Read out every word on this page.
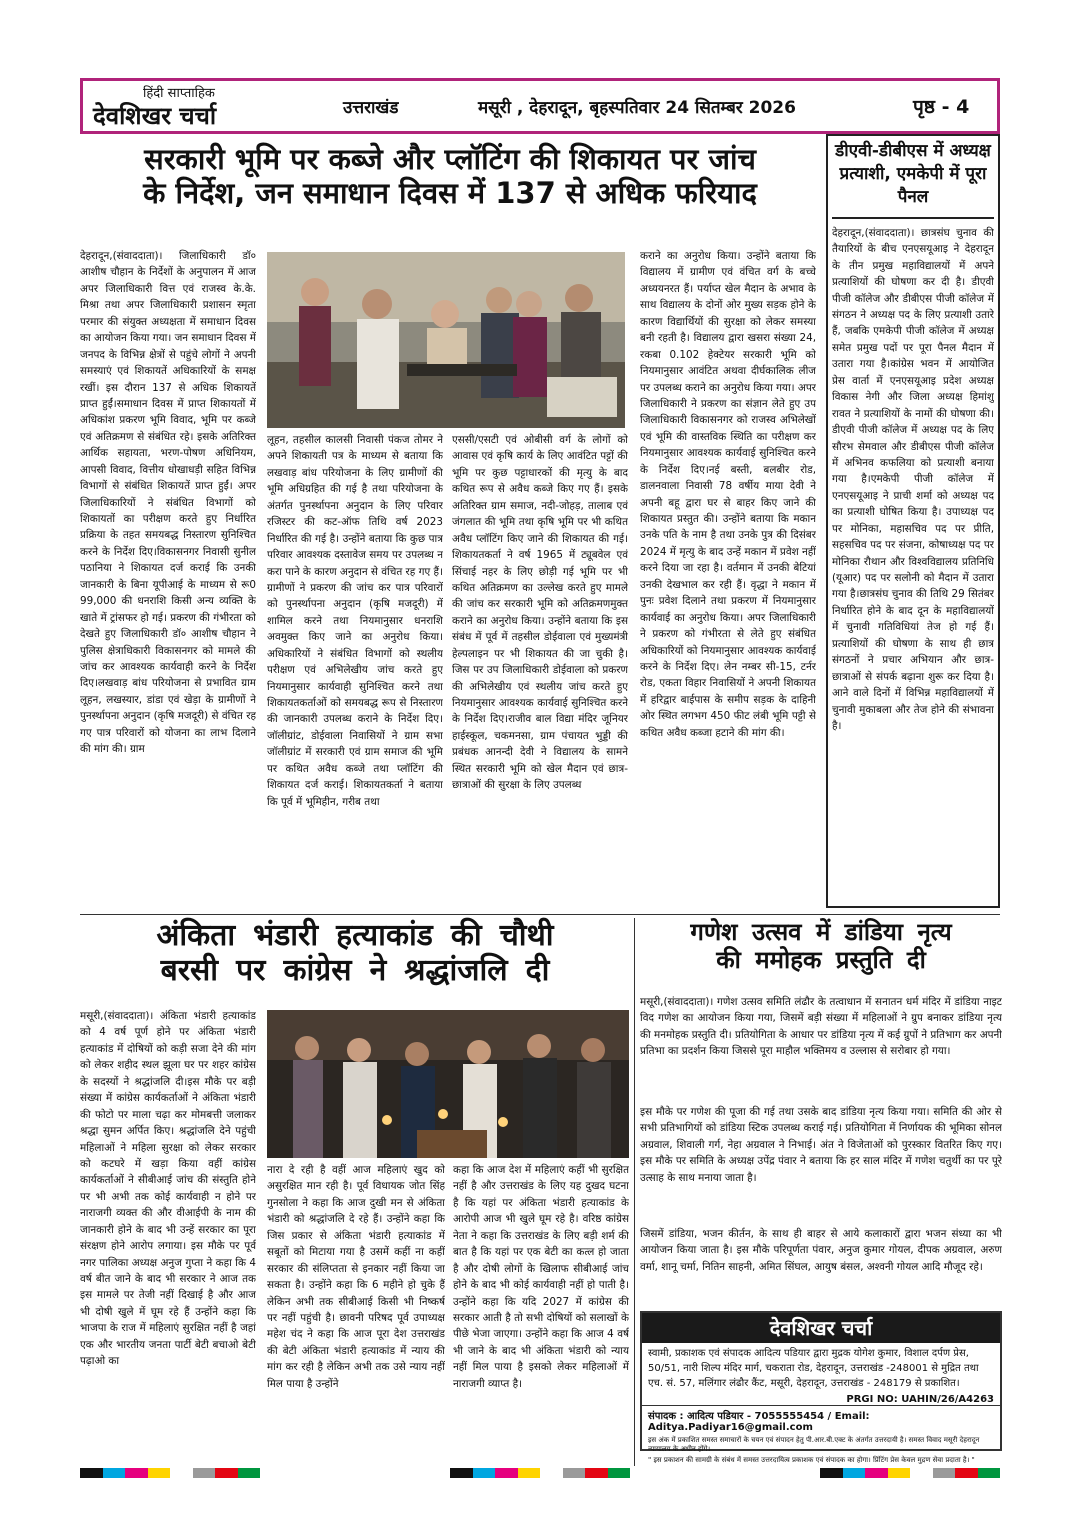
हिंदी साप्ताहिक
देवशिखर चर्चा	उत्तराखंड	मसूरी , देहरादून, बृहस्पतिवार 24 सितम्बर 2026	पृष्ठ - 4
सरकारी भूमि पर कब्जे और प्लॉटिंग की शिकायत पर जांच
के निर्देश, जन समाधान दिवस में 137 से अधिक फरियाद
देहरादून,(संवाददाता)। जिलाधिकारी डॉ० आशीष चौहान के निर्देशों के अनुपालन में आज अपर जिलाधिकारी वित्त एवं राजस्व के.के. मिश्रा तथा अपर जिलाधिकारी प्रशासन स्मृता परमार की संयुक्त अध्यक्षता में समाधान दिवस का आयोजन किया गया। जन समाधान दिवस में जनपद के विभिन्न क्षेत्रों से पहुंचे लोगों ने अपनी समस्याएं एवं शिकायतें अधिकारियों के समक्ष रखीं। इस दौरान 137 से अधिक शिकायतें प्राप्त हुईं।समाधान दिवस में प्राप्त शिकायतों में अधिकांश प्रकरण भूमि विवाद, भूमि पर कब्जे एवं अतिक्रमण से संबंधित रहे। इसके अतिरिक्त आर्थिक सहायता, भरण-पोषण अधिनियम, आपसी विवाद, वित्तीय धोखाधड़ी सहित विभिन्न विभागों से संबंधित शिकायतें प्राप्त हुईं। अपर जिलाधिकारियों ने संबंधित विभागों को शिकायतों का परीक्षण करते हुए निर्धारित प्रक्रिया के तहत समयबद्ध निस्तारण सुनिश्चित करने के निर्देश दिए।विकासनगर निवासी सुनील पठानिया ने शिकायत दर्ज कराई कि उनकी जानकारी के बिना यूपीआई के माध्यम से रू0 99,000 की धनराशि किसी अन्य व्यक्ति के खाते में ट्रांसफर हो गई। प्रकरण की गंभीरता को देखते हुए जिलाधिकारी डॉ० आशीष चौहान ने पुलिस क्षेत्राधिकारी विकासनगर को मामले की जांच कर आवश्यक कार्यवाही करने के निर्देश दिए।लखवाड़ बांध परियोजना से प्रभावित ग्राम लूहन, लखस्यार, डांडा एवं खेड़ा के ग्रामीणों ने पुनर्स्थापना अनुदान (कृषि मजदूरी) से वंचित रह गए पात्र परिवारों को योजना का लाभ दिलाने की मांग की। ग्राम
लूहन, तहसील कालसी निवासी पंकज तोमर ने अपने शिकायती पत्र के माध्यम से बताया कि लखवाड़ बांध परियोजना के लिए ग्रामीणों की भूमि अधिग्रहित की गई है तथा परियोजना के अंतर्गत पुनर्स्थापना अनुदान के लिए परिवार रजिस्टर की कट-ऑफ तिथि वर्ष 2023 निर्धारित की गई है। उन्होंने बताया कि कुछ पात्र परिवार आवश्यक दस्तावेज समय पर उपलब्ध न करा पाने के कारण अनुदान से वंचित रह गए हैं। ग्रामीणों ने प्रकरण की जांच कर पात्र परिवारों को पुनर्स्थापना अनुदान (कृषि मजदूरी) में शामिल करने तथा नियमानुसार धनराशि अवमुक्त किए जाने का अनुरोध किया। अधिकारियों ने संबंधित विभागों को स्थलीय परीक्षण एवं अभिलेखीय जांच करते हुए नियमानुसार कार्यवाही सुनिश्चित करने तथा शिकायतकर्ताओं को समयबद्ध रूप से निस्तारण की जानकारी उपलब्ध कराने के निर्देश दिए।जॉलीग्रांट, डोईवाला निवासियों ने ग्राम सभा जॉलीग्रांट में सरकारी एवं ग्राम समाज की भूमि पर कथित अवैध कब्जे तथा प्लॉटिंग की शिकायत दर्ज कराई। शिकायतकर्ता ने बताया कि पूर्व में भूमिहीन, गरीब तथा
एससी/एसटी एवं ओबीसी वर्ग के लोगों को आवास एवं कृषि कार्य के लिए आवंटित पट्टों की भूमि पर कुछ पट्टाधारकों की मृत्यु के बाद कथित रूप से अवैध कब्जे किए गए हैं। इसके अतिरिक्त ग्राम समाज, नदी-जोहड़, तालाब एवं जंगलात की भूमि तथा कृषि भूमि पर भी कथित अवैध प्लॉटिंग किए जाने की शिकायत की गई। शिकायतकर्ता ने वर्ष 1965 में ट्यूबवेल एवं सिंचाई नहर के लिए छोड़ी गई भूमि पर भी कथित अतिक्रमण का उल्लेख करते हुए मामले की जांच कर सरकारी भूमि को अतिक्रमणमुक्त कराने का अनुरोध किया। उन्होंने बताया कि इस संबंध में पूर्व में तहसील डोईवाला एवं मुख्यमंत्री हेल्पलाइन पर भी शिकायत की जा चुकी है। जिस पर उप जिलाधिकारी डोईवाला को प्रकरण की अभिलेखीय एवं स्थलीय जांच करते हुए नियमानुसार आवश्यक कार्यवाई सुनिश्चित करने के निर्देश दिए।राजीव बाल विद्या मंदिर जूनियर हाईस्कूल, चकमनसा, ग्राम पंचायत भुड्डी की प्रबंधक आनन्दी देवी ने विद्यालय के सामने स्थित सरकारी भूमि को खेल मैदान एवं छात्र-छात्राओं की सुरक्षा के लिए उपलब्ध
कराने का अनुरोध किया। उन्होंने बताया कि विद्यालय में ग्रामीण एवं वंचित वर्ग के बच्चे अध्ययनरत हैं। पर्याप्त खेल मैदान के अभाव के साथ विद्यालय के दोनों ओर मुख्य सड़क होने के कारण विद्यार्थियों की सुरक्षा को लेकर समस्या बनी रहती है। विद्यालय द्वारा खसरा संख्या 24, रकबा 0.102 हेक्टेयर सरकारी भूमि को नियमानुसार आवंटित अथवा दीर्घकालिक लीज पर उपलब्ध कराने का अनुरोध किया गया। अपर जिलाधिकारी ने प्रकरण का संज्ञान लेते हुए उप जिलाधिकारी विकासनगर को राजस्व अभिलेखों एवं भूमि की वास्तविक स्थिति का परीक्षण कर नियमानुसार आवश्यक कार्यवाई सुनिश्चित करने के निर्देश दिए।नई बस्ती, बलबीर रोड, डालनवाला निवासी 78 वर्षीय माया देवी ने अपनी बहू द्वारा घर से बाहर किए जाने की शिकायत प्रस्तुत की। उन्होंने बताया कि मकान उनके पति के नाम है तथा उनके पुत्र की दिसंबर 2024 में मृत्यु के बाद उन्हें मकान में प्रवेश नहीं करने दिया जा रहा है। वर्तमान में उनकी बेटियां उनकी देखभाल कर रही हैं। वृद्धा ने मकान में पुनः प्रवेश दिलाने तथा प्रकरण में नियमानुसार कार्यवाई का अनुरोध किया। अपर जिलाधिकारी ने प्रकरण को गंभीरता से लेते हुए संबंधित अधिकारियों को नियमानुसार आवश्यक कार्यवाई करने के निर्देश दिए। लेन नम्बर सी-15, टर्नर रोड, एकता विहार निवासियों ने अपनी शिकायत में हरिद्वार बाईपास के समीप सड़क के दाहिनी ओर स्थित लगभग 450 फीट लंबी भूमि पट्टी से कथित अवैध कब्जा हटाने की मांग की।
डीएवी-डीबीएस में अध्यक्ष प्रत्याशी, एमकेपी में पूरा पैनल
देहरादून,(संवाददाता)। छात्रसंघ चुनाव की तैयारियों के बीच एनएसयूआइ ने देहरादून के तीन प्रमुख महाविद्यालयों में अपने प्रत्याशियों की घोषणा कर दी है। डीएवी पीजी कॉलेज और डीबीएस पीजी कॉलेज में संगठन ने अध्यक्ष पद के लिए प्रत्याशी उतारे हैं, जबकि एमकेपी पीजी कॉलेज में अध्यक्ष समेत प्रमुख पदों पर पूरा पैनल मैदान में उतारा गया है।कांग्रेस भवन में आयोजित प्रेस वार्ता में एनएसयूआइ प्रदेश अध्यक्ष विकास नेगी और जिला अध्यक्ष हिमांशु रावत ने प्रत्याशियों के नामों की घोषणा की। डीएवी पीजी कॉलेज में अध्यक्ष पद के लिए सौरभ सेमवाल और डीबीएस पीजी कॉलेज में अभिनव कफलिया को प्रत्याशी बनाया गया है।एमकेपी पीजी कॉलेज में एनएसयूआइ ने प्राची शर्मा को अध्यक्ष पद का प्रत्याशी घोषित किया है। उपाध्यक्ष पद पर मोनिका, महासचिव पद पर प्रीति, सहसचिव पद पर संजना, कोषाध्यक्ष पद पर मोनिका रौथान और विश्वविद्यालय प्रतिनिधि (यूआर) पद पर सलोनी को मैदान में उतारा गया है।छात्रसंघ चुनाव की तिथि 29 सितंबर निर्धारित होने के बाद दून के महाविद्यालयों में चुनावी गतिविधियां तेज हो गई हैं। प्रत्याशियों की घोषणा के साथ ही छात्र संगठनों ने प्रचार अभियान और छात्र-छात्राओं से संपर्क बढ़ाना शुरू कर दिया है। आने वाले दिनों में विभिन्न महाविद्यालयों में चुनावी मुकाबला और तेज होने की संभावना है।
अंकिता भंडारी हत्याकांड की चौथी
बरसी पर कांग्रेस ने श्रद्धांजलि दी
मसूरी,(संवाददाता)। अंकिता भंडारी हत्याकांड को 4 वर्ष पूर्ण होने पर अंकिता भंडारी हत्याकांड में दोषियों को कड़ी सजा देने की मांग को लेकर शहीद स्थल झूला घर पर शहर कांग्रेस के सदस्यों ने श्रद्धांजलि दी।इस मौके पर बड़ी संख्या में कांग्रेस कार्यकर्ताओं ने अंकिता भंडारी की फोटो पर माला चढ़ा कर मोमबत्ती जलाकर श्रद्धा सुमन अर्पित किए। श्रद्धांजलि देने पहुंची महिलाओं ने महिला सुरक्षा को लेकर सरकार को कटघरे में खड़ा किया वहीं कांग्रेस कार्यकर्ताओं ने सीबीआई जांच की संस्तुति होने पर भी अभी तक कोई कार्यवाही न होने पर नाराजगी व्यक्त की और वीआईपी के नाम की जानकारी होने के बाद भी उन्हें सरकार का पूरा संरक्षण होने आरोप लगाया। इस मौके पर पूर्व नगर पालिका अध्यक्ष अनुज गुप्ता ने कहा कि 4 वर्ष बीत जाने के बाद भी सरकार ने आज तक इस मामले पर तेजी नहीं दिखाई है और आज भी दोषी खुले में घूम रहे हैं उन्होंने कहा कि भाजपा के राज में महिलाएं सुरक्षित नहीं है जहां एक और भारतीय जनता पार्टी बेटी बचाओ बेटी पढ़ाओ का
नारा दे रही है वहीं आज महिलाएं खुद को असुरक्षित मान रही है। पूर्व विधायक जोत सिंह गुनसोला ने कहा कि आज दुखी मन से अंकिता भंडारी को श्रद्धांजलि दे रहे हैं। उन्होंने कहा कि जिस प्रकार से अंकिता भंडारी हत्याकांड में सबूतों को मिटाया गया है उसमें कहीं ना कहीं सरकार की संलिप्तता से इनकार नहीं किया जा सकता है। उन्होंने कहा कि 6 महीने हो चुके हैं लेकिन अभी तक सीबीआई किसी भी निष्कर्ष पर नहीं पहुंची है। छावनी परिषद पूर्व उपाध्यक्ष महेश चंद ने कहा कि आज पूरा देश उत्तराखंड की बेटी अंकिता भंडारी हत्याकांड में न्याय की मांग कर रही है लेकिन अभी तक उसे न्याय नहीं मिल पाया है उन्होंने
कहा कि आज देश में महिलाएं कहीं भी सुरक्षित नहीं है और उत्तराखंड के लिए यह दुखद घटना है कि यहां पर अंकिता भंडारी हत्याकांड के आरोपी आज भी खुले घूम रहे है। वरिष्ठ कांग्रेस नेता ने कहा कि उत्तराखंड के लिए बड़ी शर्म की बात है कि यहां पर एक बेटी का कत्ल हो जाता है और दोषी लोगों के खिलाफ सीबीआई जांच होने के बाद भी कोई कार्यवाही नहीं हो पाती है। उन्होंने कहा कि यदि 2027 में कांग्रेस की सरकार आती है तो सभी दोषियों को सलाखों के पीछे भेजा जाएगा। उन्होंने कहा कि आज 4 वर्ष भी जाने के बाद भी अंकिता भंडारी को न्याय नहीं मिल पाया है इसको लेकर महिलाओं में नाराजगी व्याप्त है।
गणेश उत्सव में डांडिया नृत्य
की ममोहक प्रस्तुति दी
मसूरी,(संवाददाता)। गणेश उत्सव समिति लंढौर के तत्वाधान में सनातन धर्म मंदिर में डांडिया नाइट विद गणेश का आयोजन किया गया, जिसमें बड़ी संख्या में महिलाओं ने ग्रुप बनाकर डांडिया नृत्य की मनमोहक प्रस्तुति दी। प्रतियोगिता के आधार पर डांडिया नृत्य में कई ग्रुपों ने प्रतिभाग कर अपनी प्रतिभा का प्रदर्शन किया जिससे पूरा माहौल भक्तिमय व उल्लास से सरोबार हो गया।
इस मौके पर गणेश की पूजा की गई तथा उसके बाद डांडिया नृत्य किया गया। समिति की ओर से सभी प्रतिभागियों को डांडिया स्टिक उपलब्ध कराई गई। प्रतियोगिता में निर्णायक की भूमिका सोनल अग्रवाल, शिवाली गर्ग, नेहा अग्रवाल ने निभाई। अंत ने विजेताओं को पुरस्कार वितरित किए गए। इस मौके पर समिति के अध्यक्ष उपेंद्र पंवार ने बताया कि हर साल मंदिर में गणेश चतुर्थी का पर पूरे उत्साह के साथ मनाया जाता है।
जिसमें डांडिया, भजन कीर्तन, के साथ ही बाहर से आये कलाकारों द्वारा भजन संध्या का भी आयोजन किया जाता है। इस मौके परिपूर्णता पंवार, अनुज कुमार गोयल, दीपक अग्रवाल, अरुण वर्मा, शानू चर्मा, नितिन साहनी, अमित सिंघल, आयुष बंसल, अश्वनी गोयल आदि मौजूद रहे।
देवशिखर चर्चा
स्वामी, प्रकाशक एवं संपादक आदित्य पडियार द्वारा मुद्रक योगेश कुमार, विशाल दर्पण प्रेस, 50/51, नारी शिल्प मंदिर मार्ग, चकराता रोड, देहरादून, उत्तराखंड -248001 से मुद्रित तथा एच. सं. 57, मलिंगार लंढौर कैंट, मसूरी, देहरादून, उत्तराखंड - 248179 से प्रकाशित।
PRGI NO: UAHIN/26/A4263
संपादक : आदित्य पडियार - 7055555454 / Email: Aditya.Padiyar16@gmail.com
इस अंक में प्रकाशित समस्त समाचारों के चयन एवं संपादन हेतु पी.आर.बी.एक्ट के अंतर्गत उत्तरदायी है। समस्त विवाद मसूरी देहरादून न्यायालय के अधीन होंगे।
" इस प्रकाशन की सामग्री के संबंध में समस्त उत्तरदायित्व प्रकाशक एवं संपादक का होगा। प्रिंटिंग प्रेस केवल मुद्रण सेवा प्रदाता है। "
